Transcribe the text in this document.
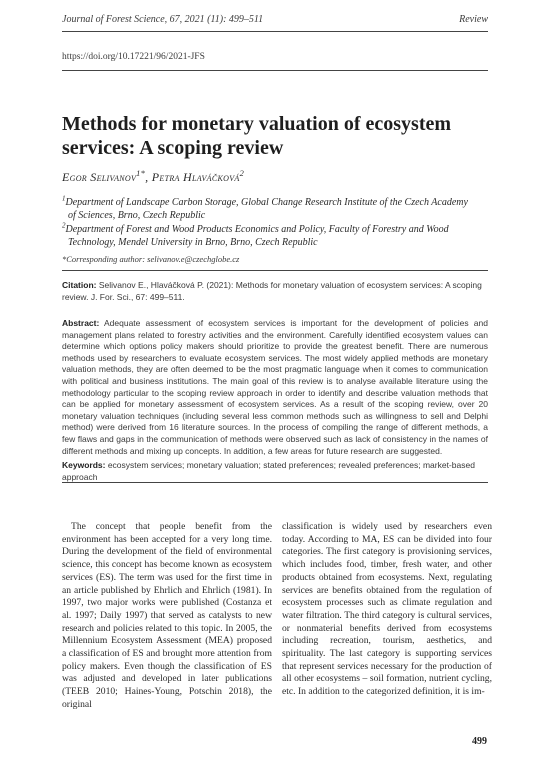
Journal of Forest Science, 67, 2021 (11): 499–511	Review
https://doi.org/10.17221/96/2021-JFS
Methods for monetary valuation of ecosystem services: A scoping review
Egor Selivanov$^{1*}$, Petra Hlaváčková$^2$
$^1$Department of Landscape Carbon Storage, Global Change Research Institute of the Czech Academy
of Sciences, Brno, Czech Republic
$^2$Department of Forest and Wood Products Economics and Policy, Faculty of Forestry and Wood
Technology, Mendel University in Brno, Brno, Czech Republic
*Corresponding author: selivanov.e@czechglobe.cz
Citation: Selivanov E., Hlaváčková P. (2021): Methods for monetary valuation of ecosystem services: A scoping review. J. For. Sci., 67: 499–511.
Abstract: Adequate assessment of ecosystem services is important for the development of policies and management plans related to forestry activities and the environment. Carefully identified ecosystem values can determine which options policy makers should prioritize to provide the greatest benefit. There are numerous methods used by researchers to evaluate ecosystem services. The most widely applied methods are monetary valuation methods, they are often deemed to be the most pragmatic language when it comes to communication with political and business institutions. The main goal of this review is to analyse available literature using the methodology particular to the scoping review approach in order to identify and describe valuation methods that can be applied for monetary assessment of ecosystem services. As a result of the scoping review, over 20 monetary valuation techniques (including several less common methods such as willingness to sell and Delphi method) were derived from 16 literature sources. In the process of compiling the range of different methods, a few flaws and gaps in the communication of methods were observed such as lack of consistency in the names of different methods and mixing up concepts. In addition, a few areas for future research are suggested.
Keywords: ecosystem services; monetary valuation; stated preferences; revealed preferences; market-based approach
The concept that people benefit from the environment has been accepted for a very long time. During the development of the field of environmental science, this concept has become known as ecosystem services (ES). The term was used for the first time in an article published by Ehrlich and Ehrlich (1981). In 1997, two major works were published (Costanza et al. 1997; Daily 1997) that served as catalysts to new research and policies related to this topic. In 2005, the Millennium Ecosystem Assessment (MEA) proposed a classification of ES and brought more attention from policy makers. Even though the classification of ES was adjusted and developed in later publications (TEEB 2010; Haines-Young, Potschin 2018), the original
classification is widely used by researchers even today. According to MA, ES can be divided into four categories. The first category is provisioning services, which includes food, timber, fresh water, and other products obtained from ecosystems. Next, regulating services are benefits obtained from the regulation of ecosystem processes such as climate regulation and water filtration. The third category is cultural services, or nonmaterial benefits derived from ecosystems including recreation, tourism, aesthetics, and spirituality. The last category is supporting services that represent services necessary for the production of all other ecosystems – soil formation, nutrient cycling, etc. In addition to the categorized definition, it is im-
499
